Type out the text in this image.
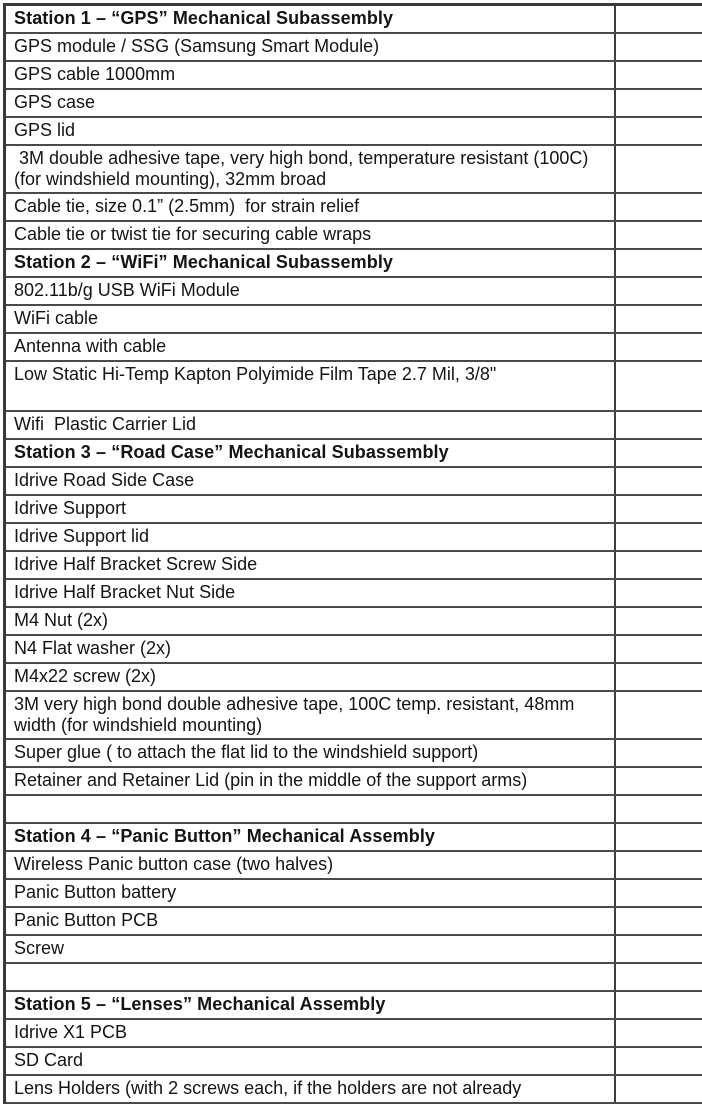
Station 1 – “GPS” Mechanical Subassembly	
GPS module / SSG (Samsung Smart Module)	
GPS cable 1000mm	
GPS case	
GPS lid	
3M double adhesive tape, very high bond, temperature resistant (100C) (for windshield mounting), 32mm broad	
Cable tie, size 0.1” (2.5mm)  for strain relief	
Cable tie or twist tie for securing cable wraps	
Station 2 – “WiFi” Mechanical Subassembly	
802.11b/g USB WiFi Module	
WiFi cable	
Antenna with cable	
Low Static Hi-Temp Kapton Polyimide Film Tape 2.7 Mil, 3/8"	
Wifi  Plastic Carrier Lid	
Station 3 – “Road Case” Mechanical Subassembly	
Idrive Road Side Case	
Idrive Support	
Idrive Support lid	
Idrive Half Bracket Screw Side	
Idrive Half Bracket Nut Side	
M4 Nut (2x)	
N4 Flat washer (2x)	
M4x22 screw (2x)	
3M very high bond double adhesive tape, 100C temp. resistant, 48mm width (for windshield mounting)	
Super glue ( to attach the flat lid to the windshield support)	
Retainer and Retainer Lid (pin in the middle of the support arms)	

Station 4 – “Panic Button” Mechanical Assembly	
Wireless Panic button case (two halves)	
Panic Button battery	
Panic Button PCB	
Screw	

Station 5 – “Lenses” Mechanical Assembly	
Idrive X1 PCB	
SD Card	
Lens Holders (with 2 screws each, if the holders are not already	
